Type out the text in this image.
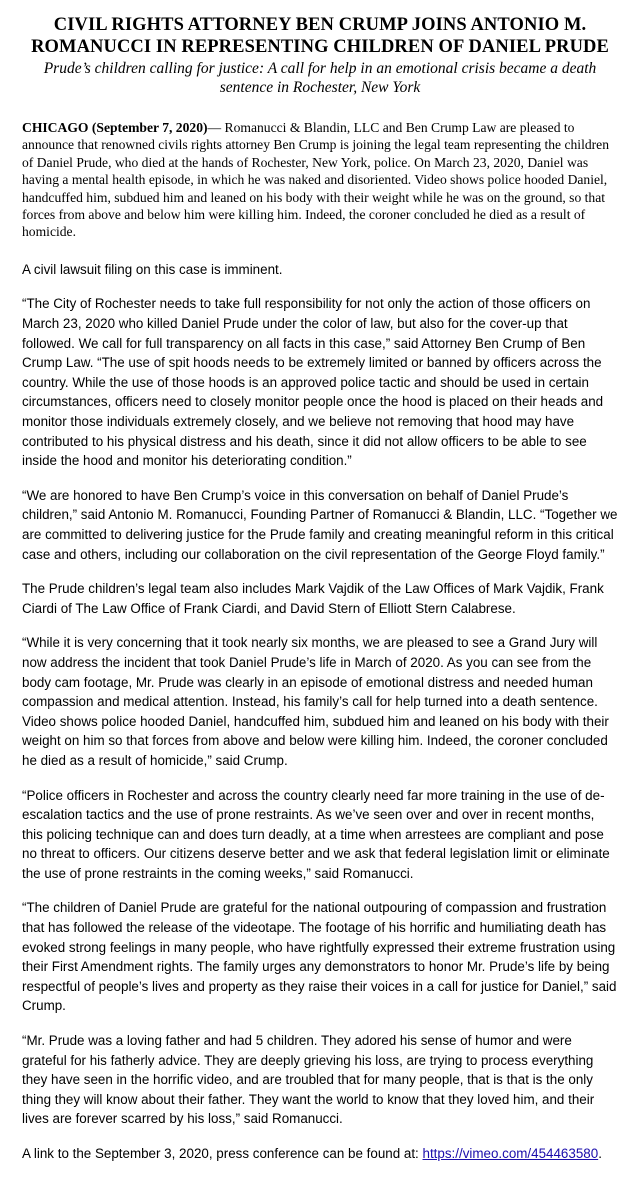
CIVIL RIGHTS ATTORNEY BEN CRUMP JOINS ANTONIO M. ROMANUCCI IN REPRESENTING CHILDREN OF DANIEL PRUDE

Prude’s children calling for justice: A call for help in an emotional crisis became a death sentence in Rochester, New York

CHICAGO (September 7, 2020)— Romanucci & Blandin, LLC and Ben Crump Law are pleased to announce that renowned civils rights attorney Ben Crump is joining the legal team representing the children of Daniel Prude, who died at the hands of Rochester, New York, police. On March 23, 2020, Daniel was having a mental health episode, in which he was naked and disoriented. Video shows police hooded Daniel, handcuffed him, subdued him and leaned on his body with their weight while he was on the ground, so that forces from above and below him were killing him. Indeed, the coroner concluded he died as a result of homicide.

A civil lawsuit filing on this case is imminent.

“The City of Rochester needs to take full responsibility for not only the action of those officers on March 23, 2020 who killed Daniel Prude under the color of law, but also for the cover-up that followed. We call for full transparency on all facts in this case,” said Attorney Ben Crump of Ben Crump Law. “The use of spit hoods needs to be extremely limited or banned by officers across the country. While the use of those hoods is an approved police tactic and should be used in certain circumstances, officers need to closely monitor people once the hood is placed on their heads and monitor those individuals extremely closely, and we believe not removing that hood may have contributed to his physical distress and his death, since it did not allow officers to be able to see inside the hood and monitor his deteriorating condition.”

“We are honored to have Ben Crump’s voice in this conversation on behalf of Daniel Prude’s children,” said Antonio M. Romanucci, Founding Partner of Romanucci & Blandin, LLC. “Together we are committed to delivering justice for the Prude family and creating meaningful reform in this critical case and others, including our collaboration on the civil representation of the George Floyd family.”

The Prude children’s legal team also includes Mark Vajdik of the Law Offices of Mark Vajdik, Frank Ciardi of The Law Office of Frank Ciardi, and David Stern of Elliott Stern Calabrese.

“While it is very concerning that it took nearly six months, we are pleased to see a Grand Jury will now address the incident that took Daniel Prude’s life in March of 2020. As you can see from the body cam footage, Mr. Prude was clearly in an episode of emotional distress and needed human compassion and medical attention. Instead, his family’s call for help turned into a death sentence. Video shows police hooded Daniel, handcuffed him, subdued him and leaned on his body with their weight on him so that forces from above and below were killing him. Indeed, the coroner concluded he died as a result of homicide,” said Crump.

“Police officers in Rochester and across the country clearly need far more training in the use of de-escalation tactics and the use of prone restraints. As we’ve seen over and over in recent months, this policing technique can and does turn deadly, at a time when arrestees are compliant and pose no threat to officers. Our citizens deserve better and we ask that federal legislation limit or eliminate the use of prone restraints in the coming weeks,” said Romanucci.

“The children of Daniel Prude are grateful for the national outpouring of compassion and frustration that has followed the release of the videotape. The footage of his horrific and humiliating death has evoked strong feelings in many people, who have rightfully expressed their extreme frustration using their First Amendment rights. The family urges any demonstrators to honor Mr. Prude’s life by being respectful of people’s lives and property as they raise their voices in a call for justice for Daniel,” said Crump.

“Mr. Prude was a loving father and had 5 children. They adored his sense of humor and were grateful for his fatherly advice. They are deeply grieving his loss, are trying to process everything they have seen in the horrific video, and are troubled that for many people, that is that is the only thing they will know about their father. They want the world to know that they loved him, and their lives are forever scarred by his loss,” said Romanucci.

A link to the September 3, 2020, press conference can be found at: https://vimeo.com/454463580.
